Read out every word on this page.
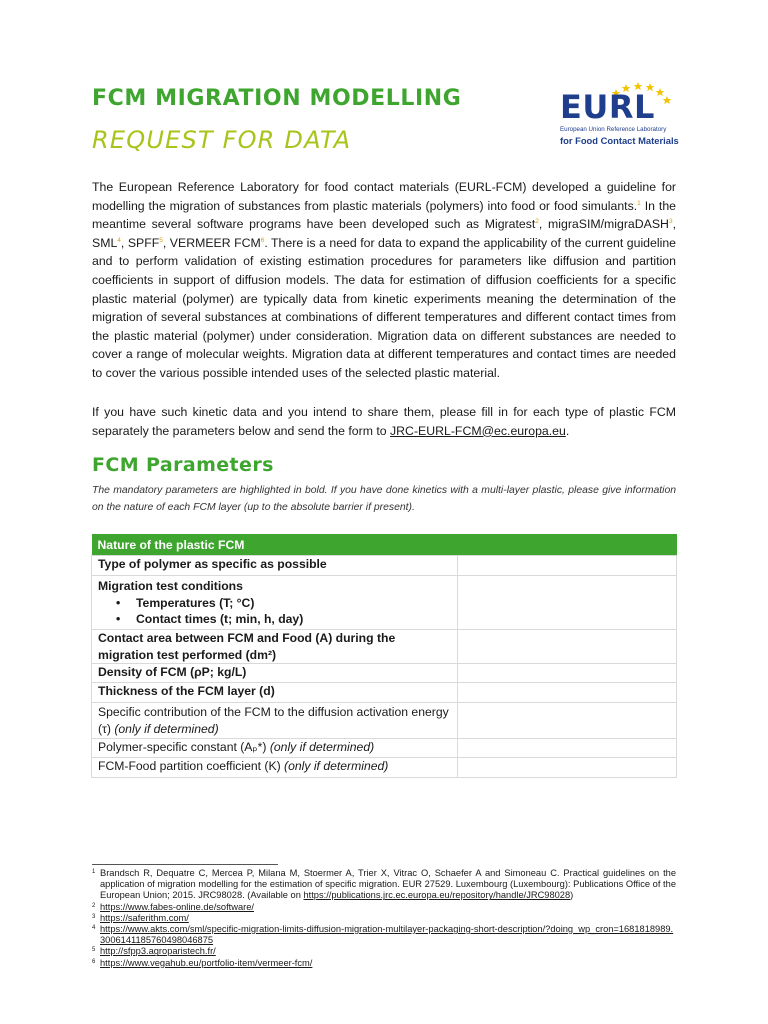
FCM MIGRATION MODELLING
REQUEST FOR DATA
EURL
European Union Reference Laboratory
for Food Contact Materials

The European Reference Laboratory for food contact materials (EURL-FCM) developed a guideline for modelling the migration of substances from plastic materials (polymers) into food or food simulants.$^1$ In the meantime several software programs have been developed such as Migratest$^2$, migraSIM/migraDASH$^3$, SML$^4$, SPFF$^5$, VERMEER FCM$^6$. There is a need for data to expand the applicability of the current guideline and to perform validation of existing estimation procedures for parameters like diffusion and partition coefficients in support of diffusion models. The data for estimation of diffusion coefficients for a specific plastic material (polymer) are typically data from kinetic experiments meaning the determination of the migration of several substances at combinations of different temperatures and different contact times from the plastic material (polymer) under consideration. Migration data on different substances are needed to cover a range of molecular weights. Migration data at different temperatures and contact times are needed to cover the various possible intended uses of the selected plastic material.

If you have such kinetic data and you intend to share them, please fill in for each type of plastic FCM separately the parameters below and send the form to JRC-EURL-FCM@ec.europa.eu.

FCM Parameters

The mandatory parameters are highlighted in bold. If you have done kinetics with a multi-layer plastic, please give information on the nature of each FCM layer (up to the absolute barrier if present).

Nature of the plastic FCM	
Type of polymer as specific as possible	

Migration test conditions
• Temperatures (T; °C)
• Contact times (t; min, h, day)	

Contact area between FCM and Food (A) during the migration test performed (dm²)	
Density of FCM (ρP; kg/L)	
Thickness of the FCM layer (d)	
Specific contribution of the FCM to the diffusion activation energy (τ) (only if determined)	
Polymer-specific constant (Aₚ*) (only if determined)	
FCM-Food partition coefficient (K) (only if determined)	
1 Brandsch R, Dequatre C, Mercea P, Milana M, Stoermer A, Trier X, Vitrac O, Schaefer A and Simoneau C. Practical guidelines on the application of migration modelling for the estimation of specific migration. EUR 27529. Luxembourg (Luxembourg): Publications Office of the European Union; 2015. JRC98028. (Available on https://publications.jrc.ec.europa.eu/repository/handle/JRC98028)
2 https://www.fabes-online.de/software/
3 https://saferithm.com/
4 https://www.akts.com/sml/specific-migration-limits-diffusion-migration-multilayer-packaging-short-description/?doing_wp_cron=1681818989.3006141185760498046875
5 http://sfpp3.agroparistech.fr/
6 https://www.vegahub.eu/portfolio-item/vermeer-fcm/
